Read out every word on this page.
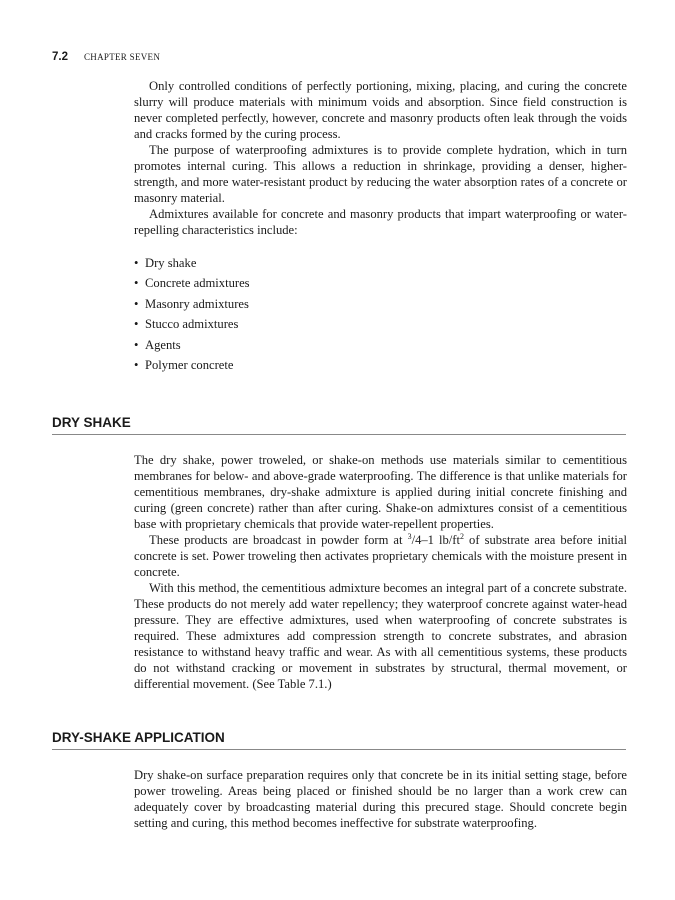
7.2 CHAPTER SEVEN

Only controlled conditions of perfectly portioning, mixing, placing, and curing the concrete slurry will produce materials with minimum voids and absorption. Since field construction is never completed perfectly, however, concrete and masonry products often leak through the voids and cracks formed by the curing process.

The purpose of waterproofing admixtures is to provide complete hydration, which in turn promotes internal curing. This allows a reduction in shrinkage, providing a denser, higher-strength, and more water-resistant product by reducing the water absorption rates of a concrete or masonry material.

Admixtures available for concrete and masonry products that impart waterproofing or water-repelling characteristics include:

• Dry shake
• Concrete admixtures
• Masonry admixtures
• Stucco admixtures
• Agents
• Polymer concrete
DRY SHAKE

The dry shake, power troweled, or shake-on methods use materials similar to cementitious membranes for below- and above-grade waterproofing. The difference is that unlike materials for cementitious membranes, dry-shake admixture is applied during initial concrete finishing and curing (green concrete) rather than after curing. Shake-on admixtures consist of a cementitious base with proprietary chemicals that provide water-repellent properties.

These products are broadcast in powder form at $^3$/4–1 $lb/ft^2$ of substrate area before initial concrete is set. Power troweling then activates proprietary chemicals with the moisture present in concrete.

With this method, the cementitious admixture becomes an integral part of a concrete substrate. These products do not merely add water repellency; they waterproof concrete against water-head pressure. They are effective admixtures, used when waterproofing of concrete substrates is required. These admixtures add compression strength to concrete substrates, and abrasion resistance to withstand heavy traffic and wear. As with all cementitious systems, these products do not withstand cracking or movement in substrates by structural, thermal movement, or differential movement. (See Table 7.1.)

DRY-SHAKE APPLICATION

Dry shake-on surface preparation requires only that concrete be in its initial setting stage, before power troweling. Areas being placed or finished should be no larger than a work crew can adequately cover by broadcasting material during this precured stage. Should concrete begin setting and curing, this method becomes ineffective for substrate waterproofing.
